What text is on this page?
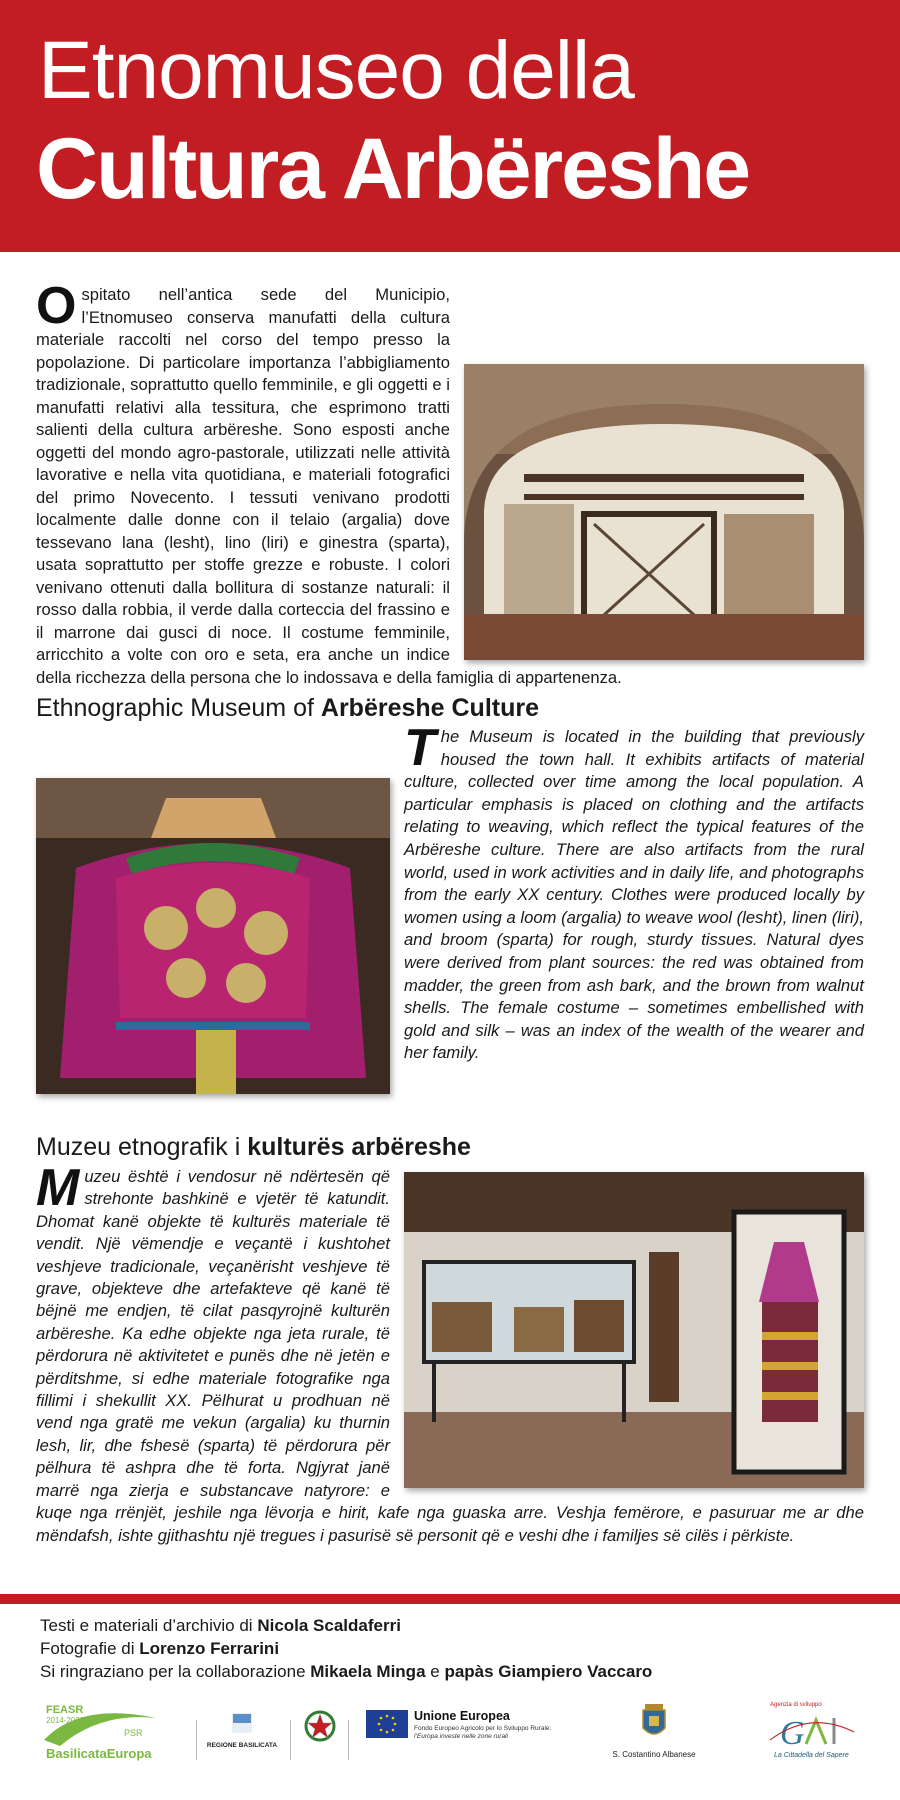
Etnomuseo della
Cultura Arbëreshe
Ospitato nell’antica sede del Municipio, l’Etnomuseo conserva manufatti della cultura materiale raccolti nel corso del tempo presso la popolazione. Di particolare importanza l’abbigliamento tradizionale, soprattutto quello femminile, e gli oggetti e i manufatti relativi alla tessitura, che esprimono tratti salienti della cultura arbëreshe. Sono esposti anche oggetti del mondo agro-pastorale, utilizzati nelle attività lavorative e nella vita quotidiana, e materiali fotografici del primo Novecento. I tessuti venivano prodotti localmente dalle donne con il telaio (argalia) dove tessevano lana (lesht), lino (liri) e ginestra (sparta), usata soprattutto per stoffe grezze e robuste. I colori venivano ottenuti dalla bollitura di sostanze naturali: il rosso dalla robbia, il verde dalla corteccia del frassino e il marrone dai gusci di noce. Il costume femminile, arricchito a volte con oro e seta, era anche un indice della ricchezza della persona che lo indossava e della famiglia di appartenenza.
Ethnographic Museum of Arbëreshe Culture
The Museum is located in the building that previously housed the town hall. It exhibits artifacts of material culture, collected over time among the local population. A particular emphasis is placed on clothing and the artifacts relating to weaving, which reflect the typical features of the Arbëreshe culture. There are also artifacts from the rural world, used in work activities and in daily life, and photographs from the early XX century. Clothes were produced locally by women using a loom (argalia) to weave wool (lesht), linen (liri), and broom (sparta) for rough, sturdy tissues. Natural dyes were derived from plant sources: the red was obtained from madder, the green from ash bark, and the brown from walnut shells. The female costume – sometimes embellished with gold and silk – was an index of the wealth of the wearer and her family.
Muzeu etnografik i kulturës arbëreshe
Muzeu është i vendosur në ndërtesën që strehonte bashkinë e vjetër të katundit. Dhomat kanë objekte të kulturës materiale të vendit. Një vëmendje e veçantë i kushtohet veshjeve tradicionale, veçanërisht veshjeve të grave, objekteve dhe artefakteve që kanë të bëjnë me endjen, të cilat pasqyrojnë kulturën arbëreshe. Ka edhe objekte nga jeta rurale, të përdorura në aktivitetet e punës dhe në jetën e përditshme, si edhe materiale fotografike nga fillimi i shekullit XX. Pëlhurat u prodhuan në vend nga gratë me vekun (argalia) ku thurnin lesh, lir, dhe fshesë (sparta) të përdorura për pëlhura të ashpra dhe të forta. Ngjyrat janë marrë nga zierja e substancave natyrore: e kuqe nga rrënjët, jeshile nga lëvorja e hirit, kafe nga guaska arre. Veshja femërore, e pasuruar me ar dhe mëndafsh, ishte gjithashtu një tregues i pasurisë së personit që e veshi dhe i familjes së cilës i përkiste.
Testi e materiali d’archivio di Nicola Scaldaferri
Fotografie di Lorenzo Ferrarini
Si ringraziano per la collaborazione Mikaela Minga e papàs Giampiero Vaccaro
FEASR
2014-2020
PSR
BasilicataEuropa
REGIONE BASILICATA
Unione Europea
Fondo Europeo Agricolo per lo Sviluppo Rurale:
l’Europa investe nelle zone rurali
S. Costantino Albanese
Agenzia di sviluppo
G
La Cittadella del Sapere
